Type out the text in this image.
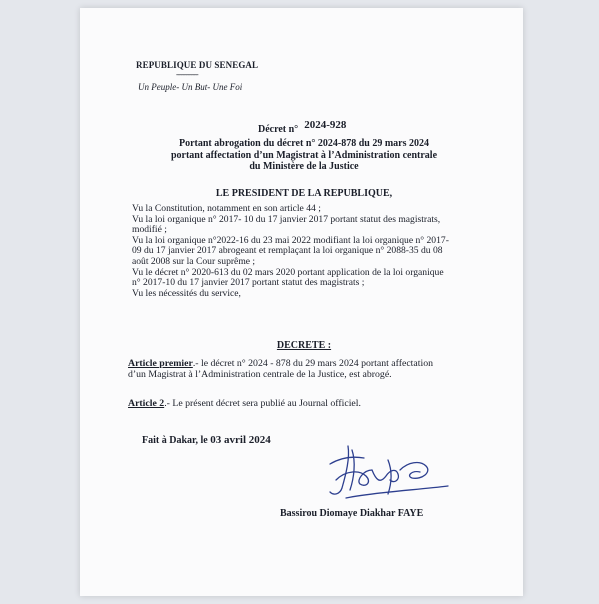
REPUBLIQUE DU SENEGAL
-------------
Un Peuple- Un But- Une Foi
Décret n° 2024-928
Portant abrogation du décret n° 2024-878 du 29 mars 2024
portant affectation d’un Magistrat à l’Administration centrale
du Ministère de la Justice
LE PRESIDENT DE LA REPUBLIQUE,
Vu la Constitution, notamment en son article 44 ;
Vu la loi organique n° 2017- 10 du 17 janvier 2017 portant statut des magistrats,
modifié ;
Vu la loi organique n°2022-16 du 23 mai 2022 modifiant la loi organique n° 2017-
09 du 17 janvier 2017 abrogeant et remplaçant la loi organique n° 2088-35 du 08
août 2008 sur la Cour suprême ;
Vu le décret n° 2020-613 du 02 mars 2020 portant application de la loi organique
n° 2017-10 du 17 janvier 2017 portant statut des magistrats ;
Vu les nécessités du service,
DECRETE :
Article premier.- le décret n° 2024 - 878 du 29 mars 2024 portant affectation
d’un Magistrat à l’Administration centrale de la Justice, est abrogé.
Article 2.- Le présent décret sera publié au Journal officiel.
Fait à Dakar, le 03 avril 2024
Bassirou Diomaye Diakhar FAYE
